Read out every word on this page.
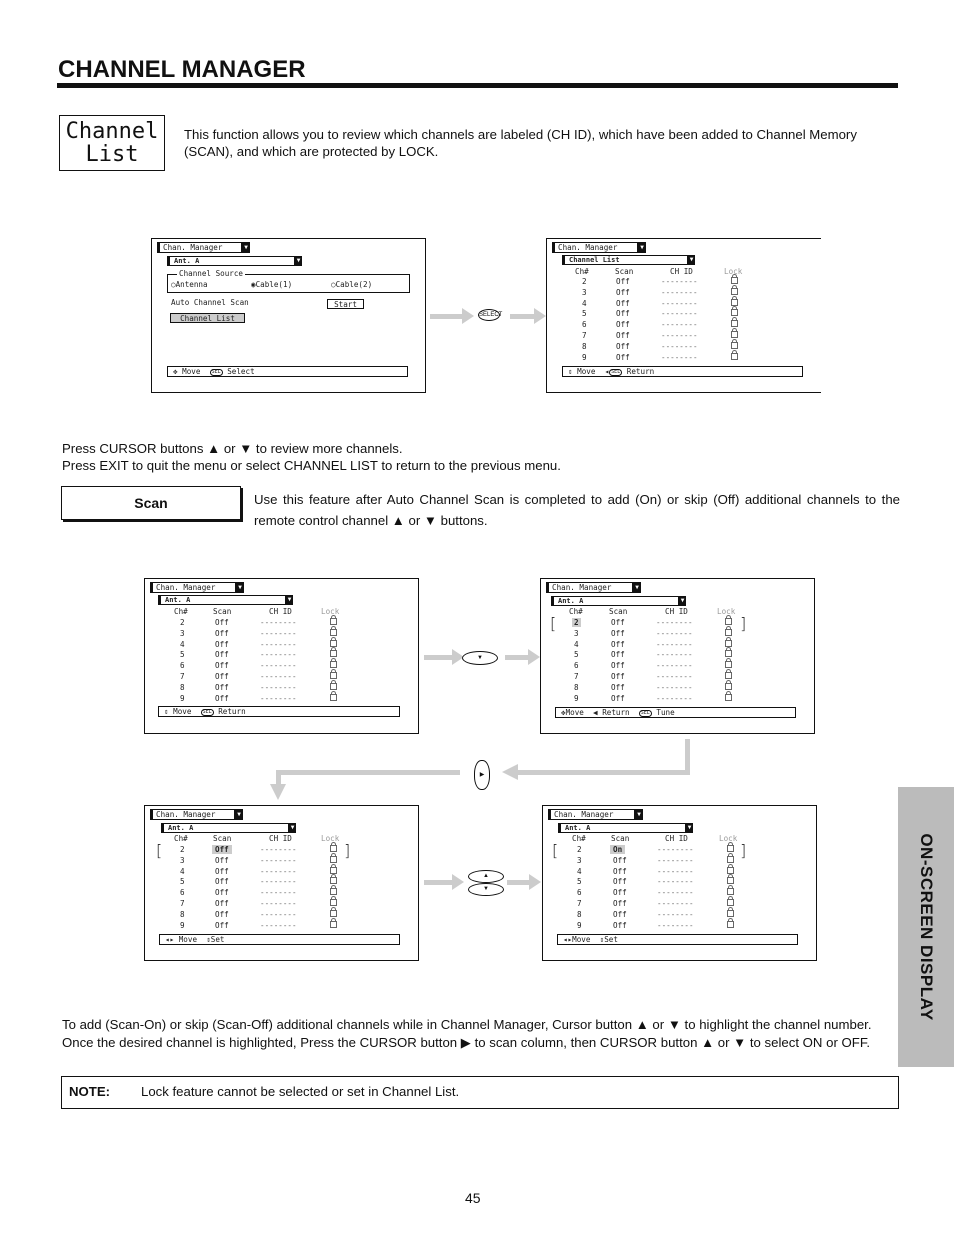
CHANNEL MANAGER
Channel
List
This function allows you to review which channels are labeled (CH ID), which have been added to Channel Memory (SCAN), and which are protected by LOCK.
Chan. Manager	▼
Ant. A	▼
Channel Source
○Antenna	◉Cable(1)	○Cable(2)
Auto Channel Scan	Start
Channel List
✥ Move SEL Select
SELECT
Chan. Manager	▼
Channel List	▼
Ch#	Scan	CH ID	Lock
⇕ Move  ◂ SEL Return
2	Off	--------
3	Off	--------
4	Off	--------
5	Off	--------
6	Off	--------
7	Off	--------
8	Off	--------
9	Off	--------
Press CURSOR buttons ▲ or ▼ to review more channels.
Press EXIT to quit the menu or select CHANNEL LIST to return to the previous menu.
Scan	Use this feature after Auto Channel Scan is completed to add (On) or skip (Off) additional channels to the remote control channel ▲ or ▼ buttons.
Chan. Manager	▼
Ant. A	▼
Ch#	Scan	CH ID	Lock
⇕ Move SEL Return
2	Off	--------
3	Off	--------
4	Off	--------
5	Off	--------
6	Off	--------
7	Off	--------
8	Off	--------
9	Off	--------
▼
Chan. Manager	▼
Ant. A	▼
Ch#	Scan	CH ID	Lock
[	]
✥Move ◀ Return SEL Tune
2	Off	--------
3	Off	--------
4	Off	--------
5	Off	--------
6	Off	--------
7	Off	--------
8	Off	--------
9	Off	--------
▶
Chan. Manager	▼
Ant. A	▼
Ch#	Scan	CH ID	Lock
[	]
◂▸ Move ⇕Set
2	Off	--------
3	Off	--------
4	Off	--------
5	Off	--------
6	Off	--------
7	Off	--------
8	Off	--------
9	Off	--------
▲
▼
Chan. Manager	▼
Ant. A	▼
Ch#	Scan	CH ID	Lock
[	]
◂▸Move ⇕Set
2	On	--------
3	Off	--------
4	Off	--------
5	Off	--------
6	Off	--------
7	Off	--------
8	Off	--------
9	Off	--------
To add (Scan-On) or skip (Scan-Off) additional channels while in Channel Manager, Cursor button ▲ or ▼ to highlight the channel number. Once the desired channel is highlighted, Press the CURSOR button ▶ to scan column, then CURSOR button ▲ or ▼ to select ON or OFF.
NOTE: Lock feature cannot be selected or set in Channel List.
45
ON-SCREEN DISPLAY
